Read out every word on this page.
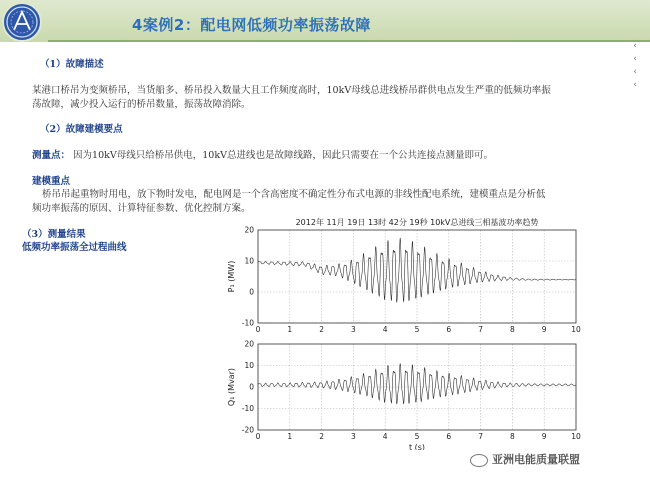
4案例2：配电网低频功率振荡故障
‹
‹
‹
‹
（1）故障描述
某港口桥吊为变频桥吊，当货船多、桥吊投入数量大且工作频度高时，10kV母线总进线桥吊群供电点发生严重的低频功率振
荡故障，减少投入运行的桥吊数量，振荡故障消除。
（2）故障建模要点
测量点： 因为10kV母线只给桥吊供电，10kV总进线也是故障线路，因此只需要在一个公共连接点测量即可。
建模重点
桥吊吊起重物时用电，放下物时发电，配电网是一个含高密度不确定性分布式电源的非线性配电系统，建模重点是分析低
频功率振荡的原因、计算特征参数、优化控制方案。
（3）测量结果
低频功率振荡全过程曲线
2012年 11月 19日 13时 42分 19秒 10kV总进线三相基波功率趋势
0	1	2	3	4	5	6	7	8	9	10
20
10
0
-10
P₁ (MW)
0	1	2	3	4	5	6	7	8	9	10
20
10
0
-10
-20
Q₁ (Mvar)
t (s)
亚洲电能质量联盟
